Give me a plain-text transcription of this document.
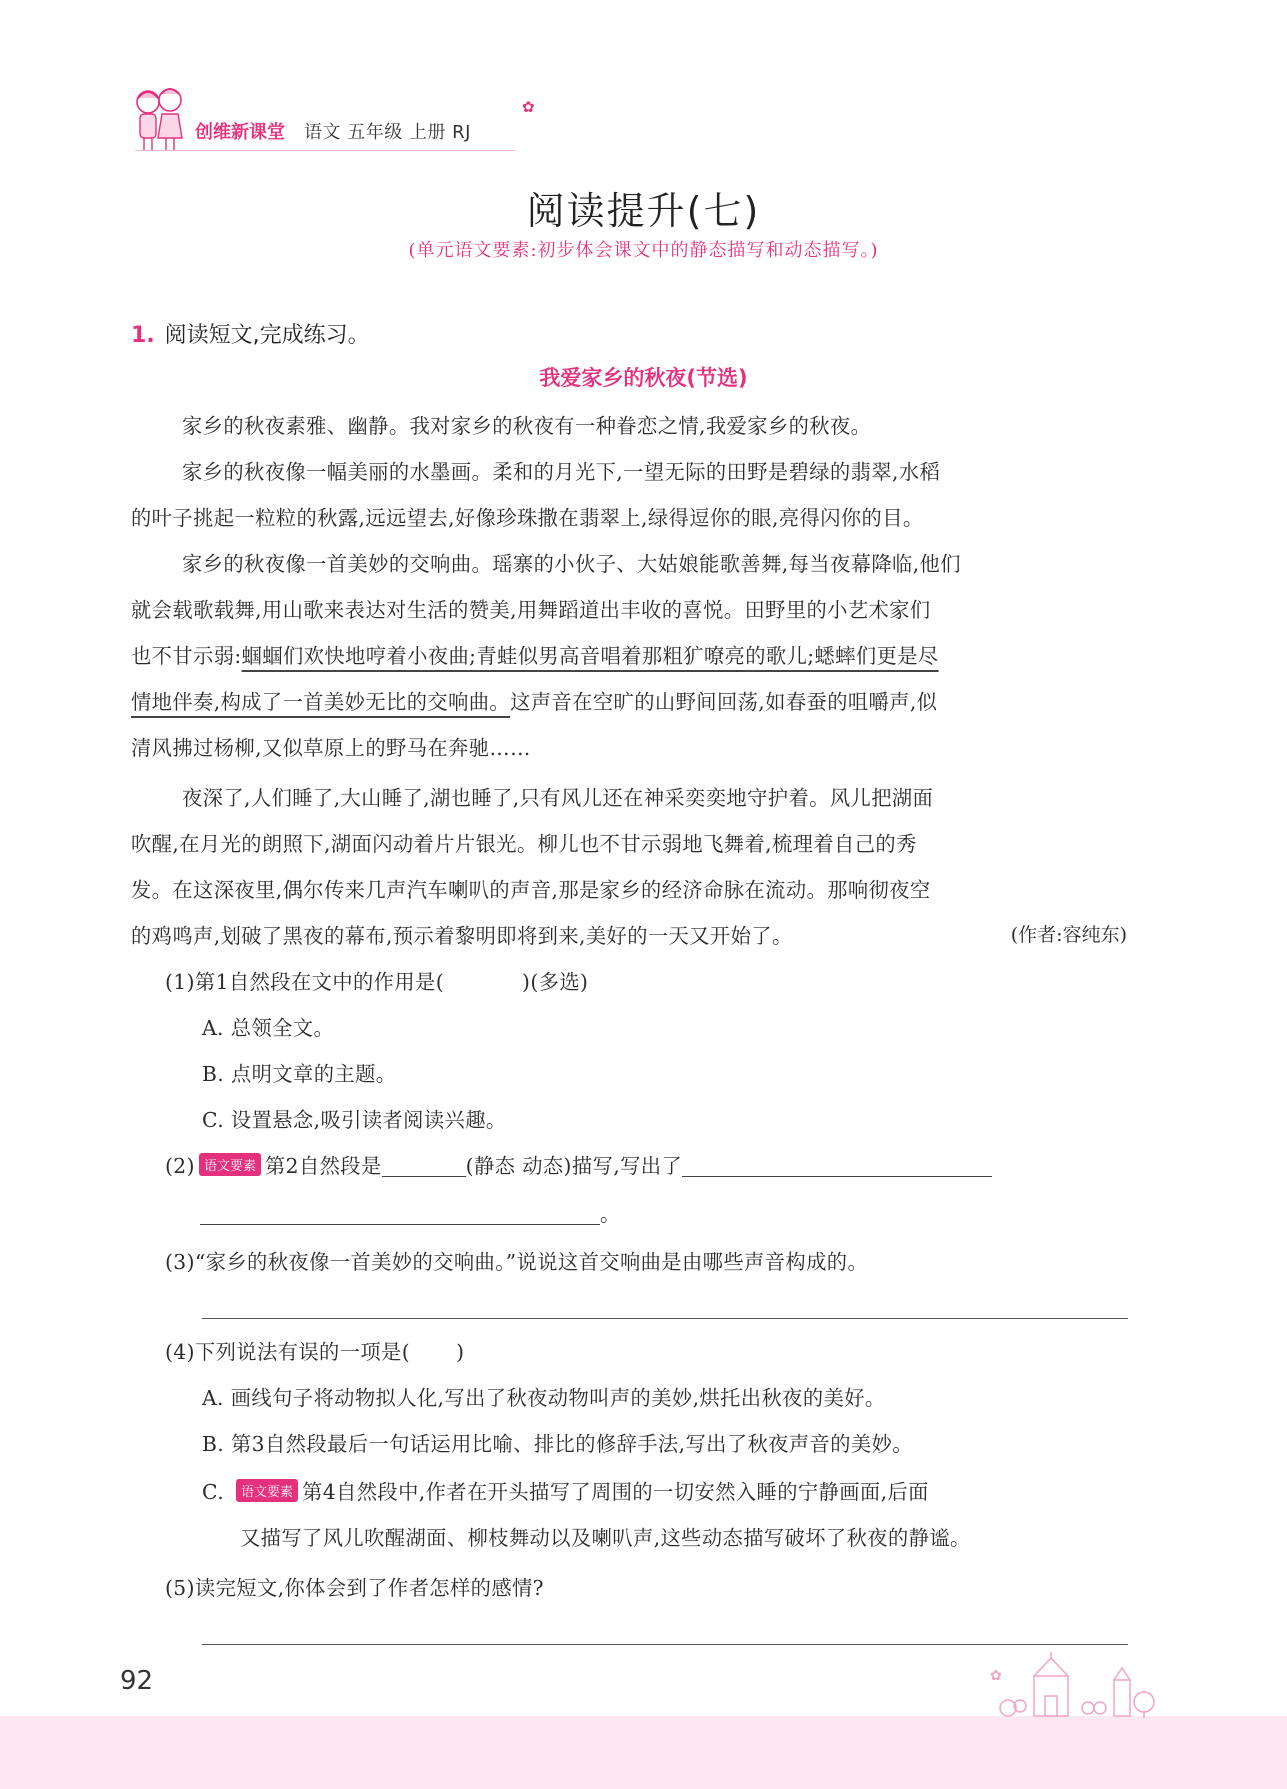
创维新课堂 语文 五年级 上册 RJ
✿
阅读提升(七)
(单元语文要素:初步体会课文中的静态描写和动态描写。)
1. 阅读短文,完成练习。
我爱家乡的秋夜(节选)
家乡的秋夜素雅、幽静。我对家乡的秋夜有一种眷恋之情,我爱家乡的秋夜。
家乡的秋夜像一幅美丽的水墨画。柔和的月光下,一望无际的田野是碧绿的翡翠,水稻
的叶子挑起一粒粒的秋露,远远望去,好像珍珠撒在翡翠上,绿得逗你的眼,亮得闪你的目。
家乡的秋夜像一首美妙的交响曲。瑶寨的小伙子、大姑娘能歌善舞,每当夜幕降临,他们
就会载歌载舞,用山歌来表达对生活的赞美,用舞蹈道出丰收的喜悦。田野里的小艺术家们
也不甘示弱:蝈蝈们欢快地哼着小夜曲;青蛙似男高音唱着那粗犷嘹亮的歌儿;蟋蟀们更是尽
情地伴奏,构成了一首美妙无比的交响曲。这声音在空旷的山野间回荡,如春蚕的咀嚼声,似
清风拂过杨柳,又似草原上的野马在奔驰……
夜深了,人们睡了,大山睡了,湖也睡了,只有风儿还在神采奕奕地守护着。风儿把湖面
吹醒,在月光的朗照下,湖面闪动着片片银光。柳儿也不甘示弱地飞舞着,梳理着自己的秀
发。在这深夜里,偶尔传来几声汽车喇叭的声音,那是家乡的经济命脉在流动。那响彻夜空
的鸡鸣声,划破了黑夜的幕布,预示着黎明即将到来,美好的一天又开始了。	(作者:容纯东)
(1)第1自然段在文中的作用是(	)(多选)
A. 总领全文。
B. 点明文章的主题。
C. 设置悬念,吸引读者阅读兴趣。
(2) 语文要素 第2自然段是	(静态 动态)描写,写出了
。
(3)“家乡的秋夜像一首美妙的交响曲。”说说这首交响曲是由哪些声音构成的。
(4)下列说法有误的一项是( )
A. 画线句子将动物拟人化,写出了秋夜动物叫声的美妙,烘托出秋夜的美好。
B. 第3自然段最后一句话运用比喻、排比的修辞手法,写出了秋夜声音的美妙。
C. 语文要素 第4自然段中,作者在开头描写了周围的一切安然入睡的宁静画面,后面
又描写了风儿吹醒湖面、柳枝舞动以及喇叭声,这些动态描写破坏了秋夜的静谧。
(5)读完短文,你体会到了作者怎样的感情?
92	✿
